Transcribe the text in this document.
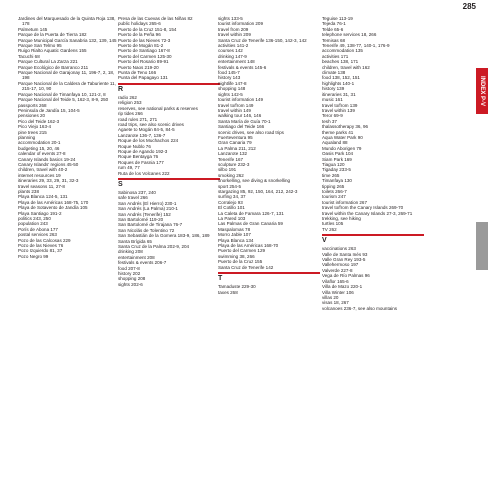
285
Jardines del Marquesado de la Quinta Roja 138, 178
Palmetum 145
Parque de la Puerta de Tierra 182
Parque Municipal García Sanabria 132, 139, 145
Parque San Telmo 95
Ruigo Rialto Aquatic Gardens 155
Tacuchi 68
Parque Cultural La Zarza 221
Parque Ecológico de Barranco 211
Parque Nacional de Garajonay 11, 196-7, 2, 18, 198
Parque Nacional de la Caldera de Taburiente 11, 215-17, 10, 90
Parque Nacional de Timanfaya 10, 121-2, 8
Parque Nacional del Teide 5, 162-3, 8-9, 250
passports 268
Peninsula de Jandía 15, 104-5
pensiones 20
Pico del Teide 162-3
Pico Viejo 163-4
pine trees 215
planning
accommodation 20-1
budgeting 15, 20, 46
calendar of events 27-8
Canary Islands basics 19-24
Canary Islands' regions 45-50
children, travel with 40-2
internet resources 19
itineraries 29, 33, 29, 31, 32-3
travel seasons 11, 27-8
plants 238
Playa Blanca 124-5, 131
Playa de las Américas 168-75, 170
Playa de Sotavento de Jandía 105
Playa Santiago 191-2
politics 243, 250
population 243
Porís de Abona 177
postal services 263
Pozo de las Calcosas 229
Pozo de las Nieves 76
Pozo Izquierdo 81, 37
Pozo Negro 99
Presa de las Cuevas de las Niñas 82
public holidays 265-6
Puerto de la Cruz 151-8, 154
Puerto de la Peña 96
Puerto de las Nieves 72-3
Puerto de Mogán 81-2
Puerto de Santiago 167-8
Puerto del Carmen 125-30
Puerto del Rosario 89-91
Puerto Naos 219-20
Punta de Teno 166
Punta del Papagayo 131
R
radio 262
religion 253
reserves, see national parks & reserves
rip tides 266
road rules 271, 271
road trips, see also scenic drives
Agaete to Mogán 84-5, 84-5
Lanzarote 136-7, 136-7
Roque de los Muchachos 224
Roque Nublo 76
Roque de Agando 192-3
Roque Bentayga 76
Roques de Fasnia 177
rum 49, 77
Ruta de los Volcanes 222
S
Sabinosa 237, 240
safe travel 266
San Andrés (El Hierro) 230-1
San Andrés (La Palma) 210-1
San Andrés (Tenerife) 152
San Bartolomé 119-20
San Bartolomé de Tirajana 76-7
San Nicolás de Tolentino 72
San Sebastián de la Gomera 183-9, 186, 189
Santa Brígida 65
Santa Cruz de la Palma 202-9, 204
drinking 208
entertainment 208
festivals & events 206-7
food 207-8
history 202
shopping 208
sights 202-6
sights 133-5
tourist information 209
travel from 209
travel within 209
Santa Cruz de Tenerife 136-150, 142-3, 142
activities 141-2
courses 142
drinking 147-9
entertainment 148
festivals & events 145-6
food 145-7
history 143
nightlife 147-8
shopping 148
sights 142-5
tourist information 149
travel to/from 149
travel within 149
walking tour 146, 146
Santa María de Guía 70-1
Santiago del Teide 166
scenic drives, see also road trips
Fuerteventura 95
Gran Canaria 79
La Palma 211, 212
Lanzarote 132
Tenerife 167
sculpture 232-3
silbo 191
smoking 262
snorkelling, see diving & snorkelling
sport 254-5
stargazing 85, 92, 150, 164, 212, 242-3
surfing 34, 37
Corralejo 93
El Cotillo 101
La Caleta de Famara 126-7, 131
La Pared 103
Las Palmas de Gran Canaria 59
Maspalomas 78
Morro Jable 107
Playa Blanca 134
Playa de las Américas 168-70
Puerto del Carmen 129
swimming 38, 266
Puerto de la Cruz 155
Santa Cruz de Tenerife 142
T
Tamaduste 229-30
taxes 268
Teguise 113-19
Tejeda 76-1
Telde 65-6
telephone services 18, 266
Temisas 68
Tenerife 49, 138-77, 140-1, 176-9
accommodation 135
activities 171
beaches 138, 171
children, travel with 162
climate 138
food 138, 152, 151
highlights 140-1
history 139
itineraries 31, 31
music 161
travel to/from 139
travel within 139
Teror 69-9
tesh 37
thalassotherapy 36, 96
theme parks 41
Aqua Water Park 90
Aqualand 88
Mundo Aborigen 79
Oasis Park 104
Siam Park 169
Tiagua 120
Tigaday 233-5
time 265
Timanfaya 130
tipping 265
toilets 266-7
tourism 247
tourist information 267
travel to/from the Canary Islands 269-70
travel within the Canary Islands 27-3, 269-71
trekking, see hiking
turtles 105
TV 262
V
vaccinations 263
Valle de Santa Inés 93
Valle Gran Rey 193-5
Vallehermoso 197
Valverde 227-8
Vega de Río Palmas 96
Vilaflor 165-6
Villa de Mazo 220-1
Villa Winter 106
villas 20
visas 18, 267
volcanoes 236-7, see also mountains
INDEX P-V
